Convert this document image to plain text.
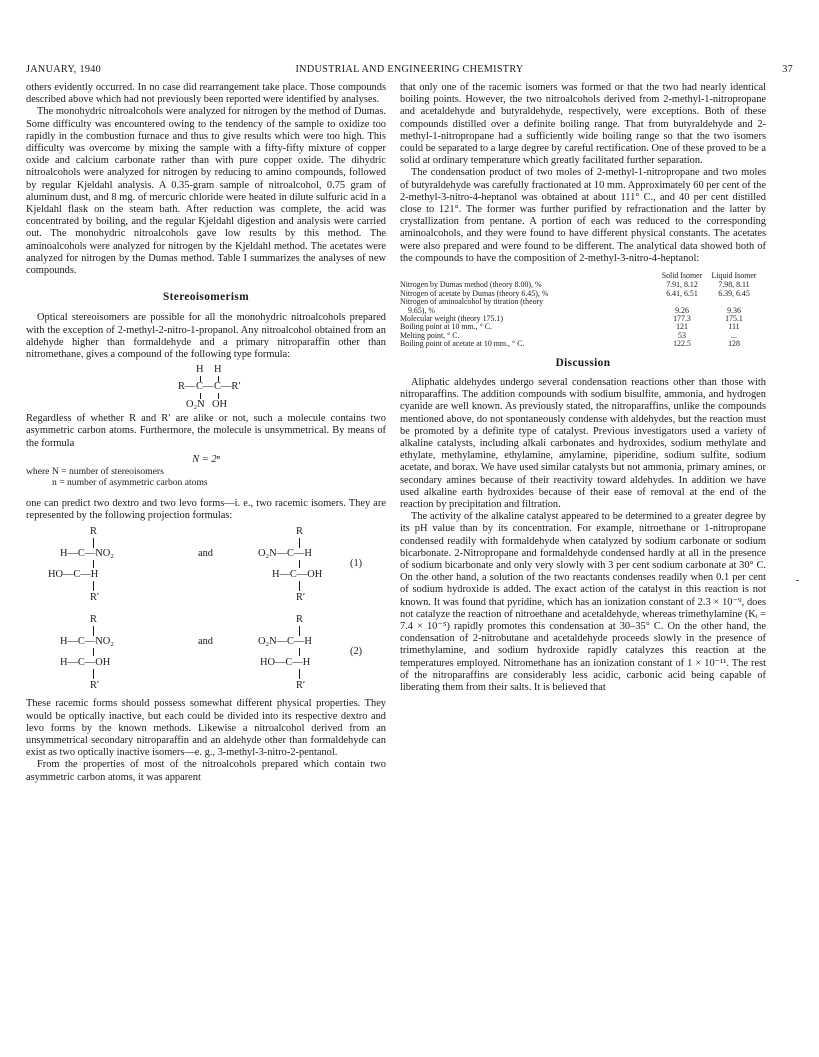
JANUARY, 1940	INDUSTRIAL AND ENGINEERING CHEMISTRY	37

others evidently occurred. In no case did rearrangement take place. Those compounds described above which had not previously been reported were identified by analyses.

The monohydric nitroalcohols were analyzed for nitrogen by the method of Dumas. Some difficulty was encountered owing to the tendency of the sample to oxidize too rapidly in the combustion furnace and thus to give results which were too high. This difficulty was overcome by mixing the sample with a fifty-fifty mixture of copper oxide and calcium carbonate rather than with pure copper oxide. The dihydric nitroalcohols were analyzed for nitrogen by reducing to amino compounds, followed by regular Kjeldahl analysis. A 0.35-gram sample of nitroalcohol, 0.75 gram of aluminum dust, and 8 mg. of mercuric chloride were heated in dilute sulfuric acid in a Kjeldahl flask on the steam bath. After reduction was complete, the acid was concentrated by boiling, and the regular Kjeldahl digestion and analysis were carried out. The monohydric nitroalcohols gave low results by this method. The aminoalcohols were analyzed for nitrogen by the Kjeldahl method. The acetates were analyzed for nitrogen by the Dumas method. Table I summarizes the analyses of new compounds.

Stereoisomerism

Optical stereoisomers are possible for all the monohydric nitroalcohols prepared with the exception of 2-methyl-2-nitro-1-propanol. Any nitroalcohol obtained from an aldehyde higher than formaldehyde and a primary nitroparaffin other than nitromethane, gives a compound of the following type formula:

H H
R— C — C —R′
O₂N OH

Regardless of whether R and R′ are alike or not, such a molecule contains two asymmetric carbon atoms. Furthermore, the molecule is unsymmetrical. By means of the formula

N = 2ⁿ
where N = number of stereoisomers
n = number of asymmetric carbon atoms

one can predict two dextro and two levo forms—i. e., two racemic isomers. They are represented by the following projection formulas:

R
H—C—NO₂
HO—C—H
R′
and
R
O₂N—C—H
H—C—OH
R′
(1)
R
H—C—NO₂
H—C—OH
R′
and
R
O₂N—C—H
HO—C—H
R′
(2)

These racemic forms should possess somewhat different physical properties. They would be optically inactive, but each could be divided into its respective dextro and levo forms by the known methods. Likewise a nitroalcohol derived from an unsymmetrical secondary nitroparaffin and an aldehyde other than formaldehyde can exist as two optically inactive isomers—e. g., 3-methyl-3-nitro-2-pentanol.

From the properties of most of the nitroalcohols prepared which contain two asymmetric carbon atoms, it was apparent

that only one of the racemic isomers was formed or that the two had nearly identical boiling points. However, the two nitroalcohols derived from 2-methyl-1-nitropropane and acetaldehyde and butyraldehyde, respectively, were exceptions. Both of these compounds distilled over a definite boiling range. That from butyraldehyde and 2-methyl-1-nitropropane had a sufficiently wide boiling range so that the two isomers could be separated to a large degree by careful rectification. One of these proved to be a solid at ordinary temperature which greatly facilitated further separation.

The condensation product of two moles of 2-methyl-1-nitropropane and two moles of butyraldehyde was carefully fractionated at 10 mm. Approximately 60 per cent of the 2-methyl-3-nitro-4-heptanol was obtained at about 111° C., and 40 per cent distilled close to 121°. The former was further purified by refractionation and the latter by crystallization from pentane. A portion of each was reduced to the corresponding aminoalcohols, and they were found to have different physical constants. The acetates were also prepared and were found to be different. The analytical data showed both of the compounds to have the composition of 2-methyl-3-nitro-4-heptanol:

	Solid Isomer	Liquid Isomer
Nitrogen by Dumas method (theory 8.00), %	7.91, 8.12	7.98, 8.11
Nitrogen of acetate by Dumas (theory 6.45), %	6.41, 6.51	6.39, 6.45
Nitrogen of aminoalcohol by titration (theory		
9.65), %	9.26	9.36
Molecular weight (theory 175.1)	177.3	175.1
Boiling point at 10 mm., ° C.	121	111
Melting point, ° C.	53	...
Boiling point of acetate at 10 mm., ° C.	122.5	128
Discussion

Aliphatic aldehydes undergo several condensation reactions other than those with nitroparaffins. The addition compounds with sodium bisulfite, ammonia, and hydrogen cyanide are well known. As previously stated, the nitroparaffins, unlike the compounds mentioned above, do not spontaneously condense with aldehydes, but the reaction must be promoted by a definite type of catalyst. Previous investigators used a variety of alkaline catalysts, including alkali carbonates and hydroxides, sodium methylate and ethylate, methylamine, ethylamine, amylamine, piperidine, sodium sulfite, sodium acetate, and borax. We have used similar catalysts but not ammonia, primary amines, or secondary amines because of their reactivity toward aldehydes. In addition we have used alkaline earth hydroxides because of their ease of removal at the end of the reaction by precipitation and filtration.

The activity of the alkaline catalyst appeared to be determined to a greater degree by its pH value than by its concentration. For example, nitroethane or 1-nitropropane condensed readily with formaldehyde when catalyzed by sodium carbonate or sodium bicarbonate. 2-Nitropropane and formaldehyde condensed hardly at all in the presence of sodium bicarbonate and only very slowly with 3 per cent sodium carbonate at 30° C. On the other hand, a solution of the two reactants condenses readily when 0.1 per cent of sodium hydroxide is added. The exact action of the catalyst in this reaction is not known. It was found that pyridine, which has an ionization constant of 2.3 × 10⁻⁹, does not catalyze the reaction of nitroethane and acetaldehyde, whereas trimethylamine (Kᵢ = 7.4 × 10⁻⁵) rapidly promotes this condensation at 30–35° C. On the other hand, the condensation of 2-nitrobutane and acetaldehyde proceeds slowly in the presence of trimethylamine, and sodium hydroxide rapidly catalyzes this reaction at the temperatures employed. Nitromethane has an ionization constant of 1 × 10⁻¹¹. The rest of the nitroparaffins are considerably less acidic, carbonic acid being capable of liberating them from their salts. It is believed that
